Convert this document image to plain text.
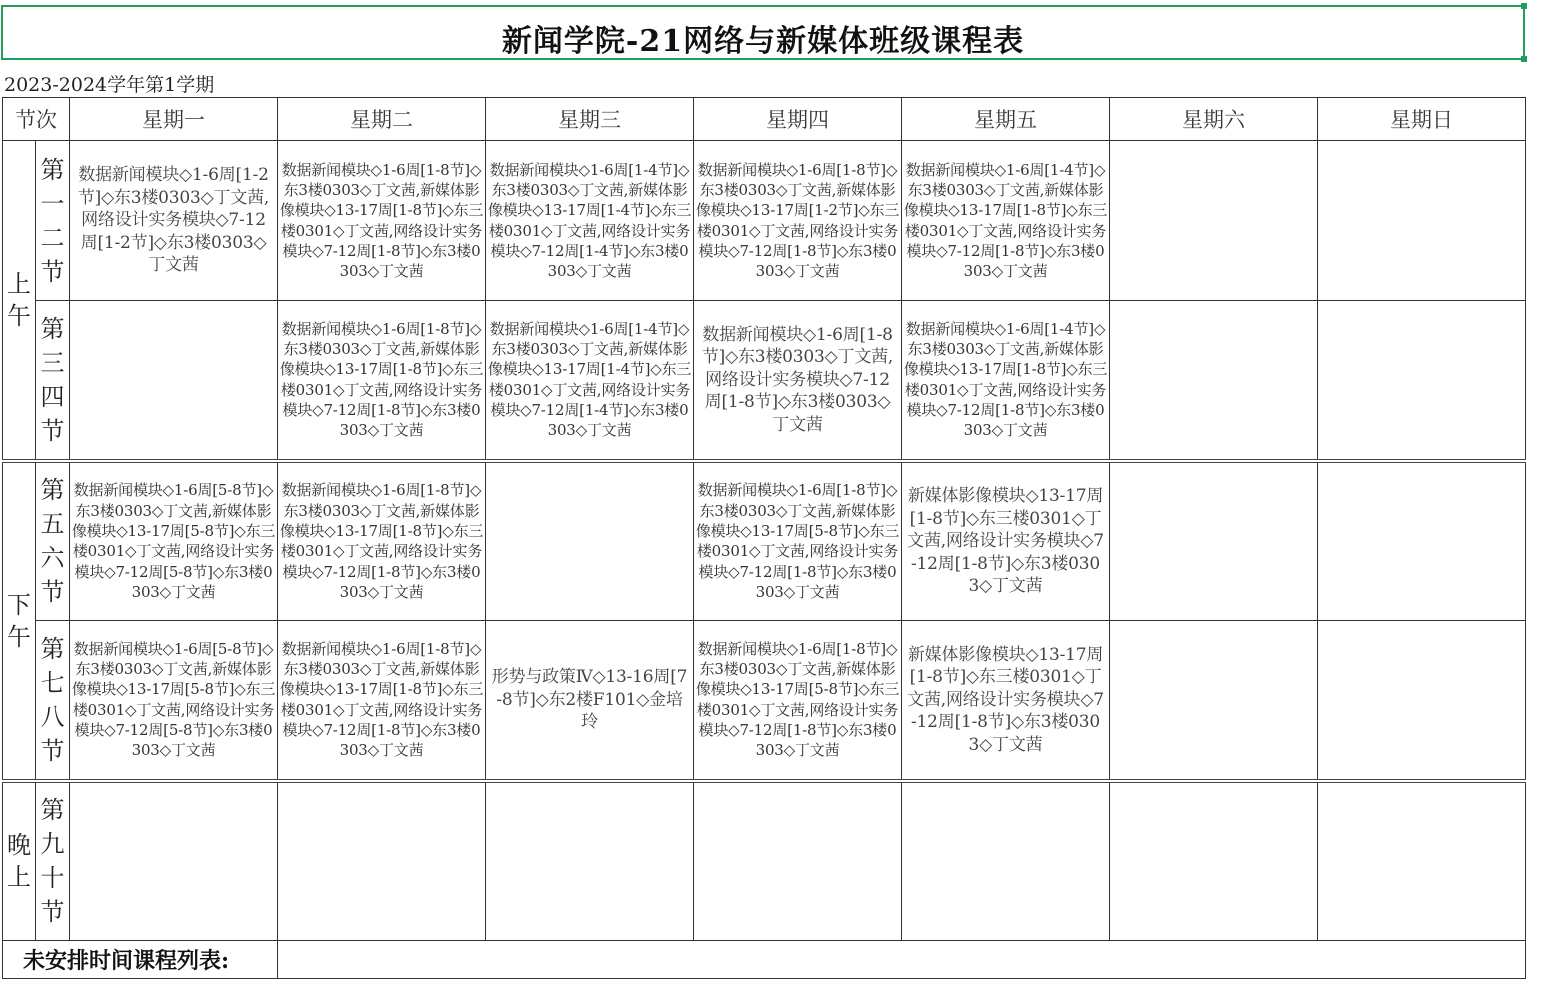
新闻学院-21网络与新媒体班级课程表
2023-2024学年第1学期
节次		星期一	星期二	星期三	星期四	星期五	星期六	星期日
上午	第一二节	数据新闻模块◇1-6周[1-2节]◇东3楼0303◇丁文茜,网络设计实务模块◇7-12周[1-2节]◇东3楼0303◇丁文茜	数据新闻模块◇1-6周[1-8节]◇东3楼0303◇丁文茜,新媒体影像模块◇13-17周[1-8节]◇东三楼0301◇丁文茜,网络设计实务模块◇7-12周[1-8节]◇东3楼0303◇丁文茜	数据新闻模块◇1-6周[1-4节]◇东3楼0303◇丁文茜,新媒体影像模块◇13-17周[1-4节]◇东三楼0301◇丁文茜,网络设计实务模块◇7-12周[1-4节]◇东3楼0303◇丁文茜	数据新闻模块◇1-6周[1-8节]◇东3楼0303◇丁文茜,新媒体影像模块◇13-17周[1-2节]◇东三楼0301◇丁文茜,网络设计实务模块◇7-12周[1-8节]◇东3楼0303◇丁文茜	数据新闻模块◇1-6周[1-4节]◇东3楼0303◇丁文茜,新媒体影像模块◇13-17周[1-8节]◇东三楼0301◇丁文茜,网络设计实务模块◇7-12周[1-8节]◇东3楼0303◇丁文茜		
	第三四节		数据新闻模块◇1-6周[1-8节]◇东3楼0303◇丁文茜,新媒体影像模块◇13-17周[1-8节]◇东三楼0301◇丁文茜,网络设计实务模块◇7-12周[1-8节]◇东3楼0303◇丁文茜	数据新闻模块◇1-6周[1-4节]◇东3楼0303◇丁文茜,新媒体影像模块◇13-17周[1-4节]◇东三楼0301◇丁文茜,网络设计实务模块◇7-12周[1-4节]◇东3楼0303◇丁文茜	数据新闻模块◇1-6周[1-8节]◇东3楼0303◇丁文茜,网络设计实务模块◇7-12周[1-8节]◇东3楼0303◇丁文茜	数据新闻模块◇1-6周[1-4节]◇东3楼0303◇丁文茜,新媒体影像模块◇13-17周[1-8节]◇东三楼0301◇丁文茜,网络设计实务模块◇7-12周[1-8节]◇东3楼0303◇丁文茜		
下午	第五六节	数据新闻模块◇1-6周[5-8节]◇东3楼0303◇丁文茜,新媒体影像模块◇13-17周[5-8节]◇东三楼0301◇丁文茜,网络设计实务模块◇7-12周[5-8节]◇东3楼0303◇丁文茜	数据新闻模块◇1-6周[1-8节]◇东3楼0303◇丁文茜,新媒体影像模块◇13-17周[1-8节]◇东三楼0301◇丁文茜,网络设计实务模块◇7-12周[1-8节]◇东3楼0303◇丁文茜		数据新闻模块◇1-6周[1-8节]◇东3楼0303◇丁文茜,新媒体影像模块◇13-17周[5-8节]◇东三楼0301◇丁文茜,网络设计实务模块◇7-12周[1-8节]◇东3楼0303◇丁文茜	新媒体影像模块◇13-17周[1-8节]◇东三楼0301◇丁文茜,网络设计实务模块◇7-12周[1-8节]◇东3楼0303◇丁文茜		
	第七八节	数据新闻模块◇1-6周[5-8节]◇东3楼0303◇丁文茜,新媒体影像模块◇13-17周[5-8节]◇东三楼0301◇丁文茜,网络设计实务模块◇7-12周[5-8节]◇东3楼0303◇丁文茜	数据新闻模块◇1-6周[1-8节]◇东3楼0303◇丁文茜,新媒体影像模块◇13-17周[1-8节]◇东三楼0301◇丁文茜,网络设计实务模块◇7-12周[1-8节]◇东3楼0303◇丁文茜	形势与政策Ⅳ◇13-16周[7-8节]◇东2楼F101◇金培玲	数据新闻模块◇1-6周[1-8节]◇东3楼0303◇丁文茜,新媒体影像模块◇13-17周[5-8节]◇东三楼0301◇丁文茜,网络设计实务模块◇7-12周[1-8节]◇东3楼0303◇丁文茜	新媒体影像模块◇13-17周[1-8节]◇东三楼0301◇丁文茜,网络设计实务模块◇7-12周[1-8节]◇东3楼0303◇丁文茜		
晚上	第九十节							
未安排时间课程列表:								
